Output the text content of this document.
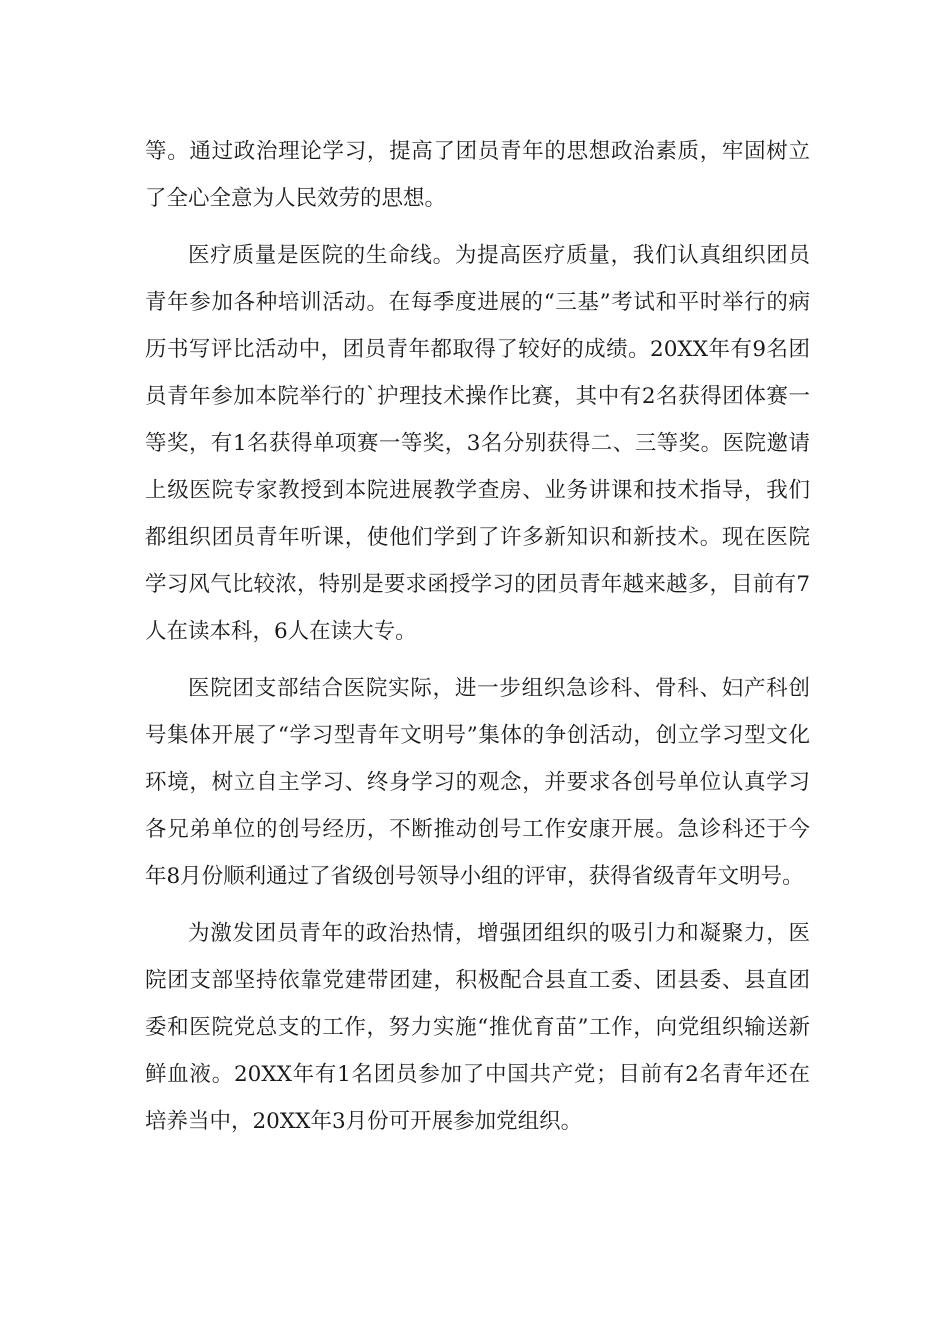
等。通过政治理论学习，提高了团员青年的思想政治素质，牢固树立了全心全意为人民效劳的思想。

医疗质量是医院的生命线。为提高医疗质量，我们认真组织团员青年参加各种培训活动。在每季度进展的“三基”考试和平时举行的病历书写评比活动中，团员青年都取得了较好的成绩。20XX年有9名团员青年参加本院举行的`护理技术操作比赛，其中有2名获得团体赛一等奖，有1名获得单项赛一等奖，3名分别获得二、三等奖。医院邀请上级医院专家教授到本院进展教学查房、业务讲课和技术指导，我们都组织团员青年听课，使他们学到了许多新知识和新技术。现在医院学习风气比较浓，特别是要求函授学习的团员青年越来越多，目前有7人在读本科，6人在读大专。

医院团支部结合医院实际，进一步组织急诊科、骨科、妇产科创号集体开展了“学习型青年文明号”集体的争创活动，创立学习型文化环境，树立自主学习、终身学习的观念，并要求各创号单位认真学习各兄弟单位的创号经历，不断推动创号工作安康开展。急诊科还于今年8月份顺利通过了省级创号领导小组的评审，获得省级青年文明号。

为激发团员青年的政治热情，增强团组织的吸引力和凝聚力，医院团支部坚持依靠党建带团建，积极配合县直工委、团县委、县直团委和医院党总支的工作，努力实施“推优育苗”工作，向党组织输送新鲜血液。20XX年有1名团员参加了中国共产党；目前有2名青年还在培养当中，20XX年3月份可开展参加党组织。
